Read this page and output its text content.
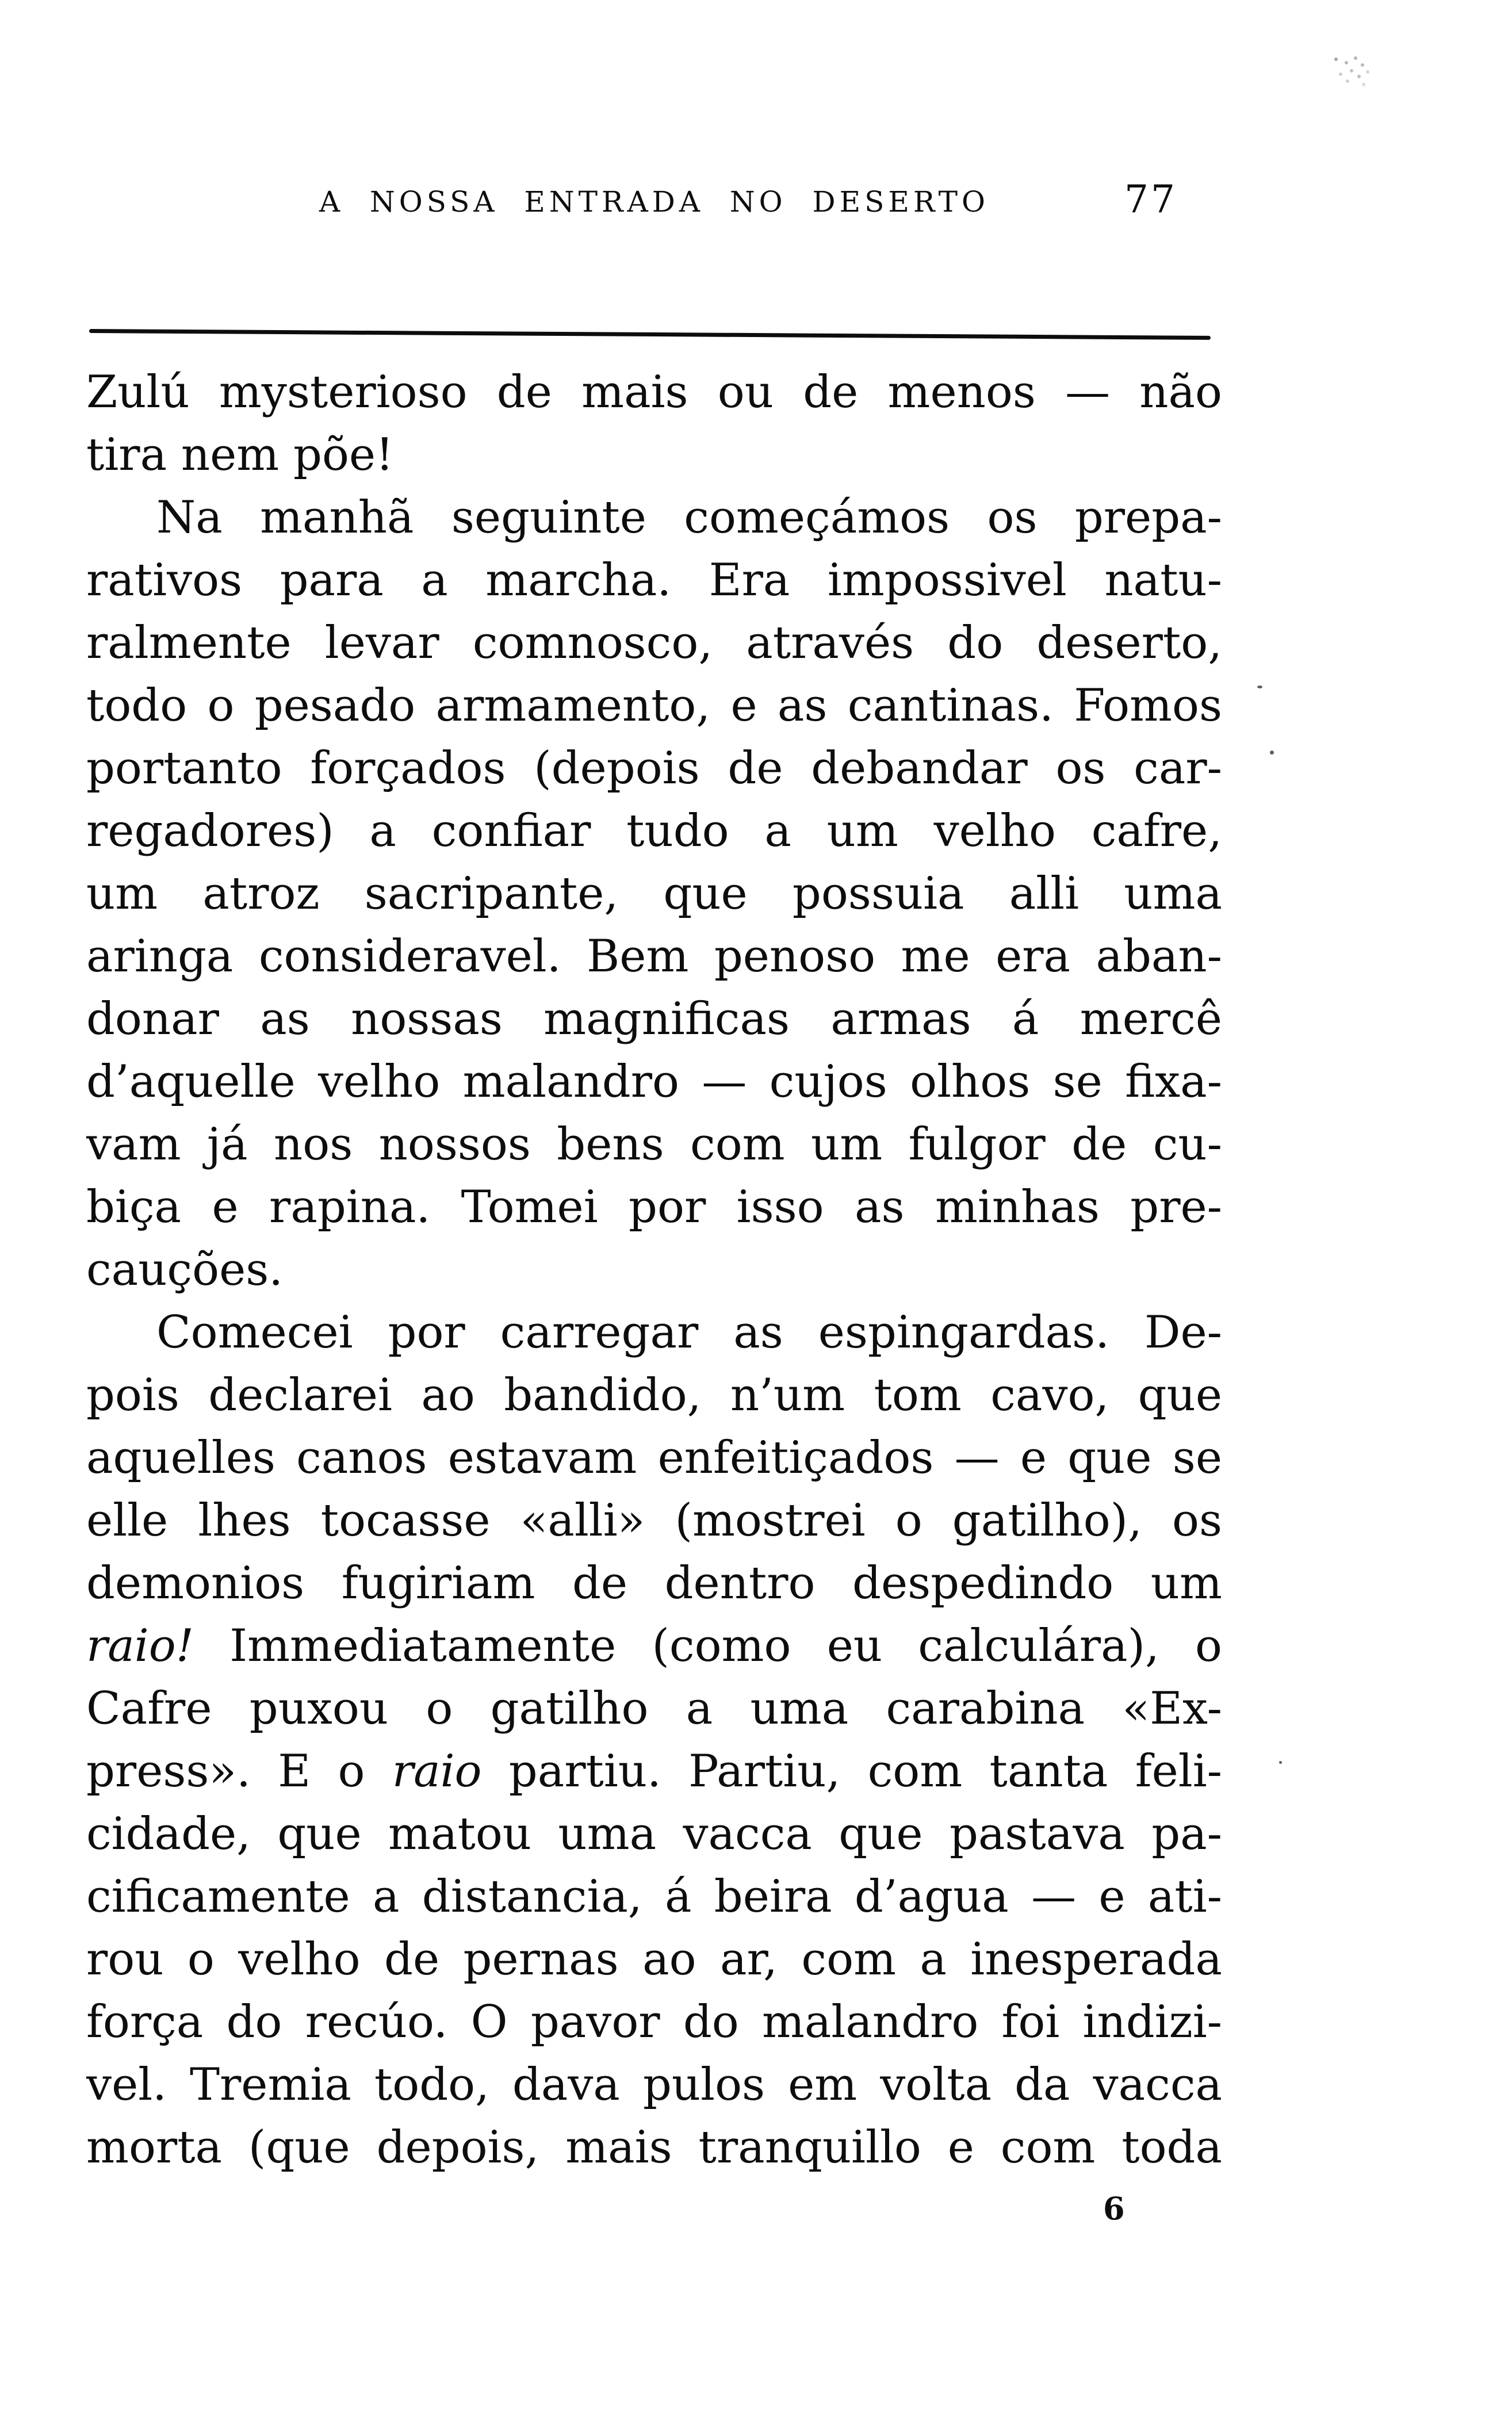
A NOSSA ENTRADA NO DESERTO	77
Zulú mysterioso de mais ou de menos — não
tira nem põe!
Na manhã seguinte começámos os prepa-
rativos para a marcha. Era impossivel natu-
ralmente levar comnosco, através do deserto,
todo o pesado armamento, e as cantinas. Fomos
portanto forçados (depois de debandar os car-
regadores) a confiar tudo a um velho cafre,
um atroz sacripante, que possuia alli uma
aringa consideravel. Bem penoso me era aban-
donar as nossas magnificas armas á mercê
d’aquelle velho malandro — cujos olhos se fixa-
vam já nos nossos bens com um fulgor de cu-
biça e rapina. Tomei por isso as minhas pre-
cauções.
Comecei por carregar as espingardas. De-
pois declarei ao bandido, n’um tom cavo, que
aquelles canos estavam enfeitiçados — e que se
elle lhes tocasse «alli» (mostrei o gatilho), os
demonios fugiriam de dentro despedindo um
raio! Immediatamente (como eu calculára), o
Cafre puxou o gatilho a uma carabina «Ex-
press». E o raio partiu. Partiu, com tanta feli-
cidade, que matou uma vacca que pastava pa-
cificamente a distancia, á beira d’agua — e ati-
rou o velho de pernas ao ar, com a inesperada
força do recúo. O pavor do malandro foi indizi-
vel. Tremia todo, dava pulos em volta da vacca
morta (que depois, mais tranquillo e com toda
6
